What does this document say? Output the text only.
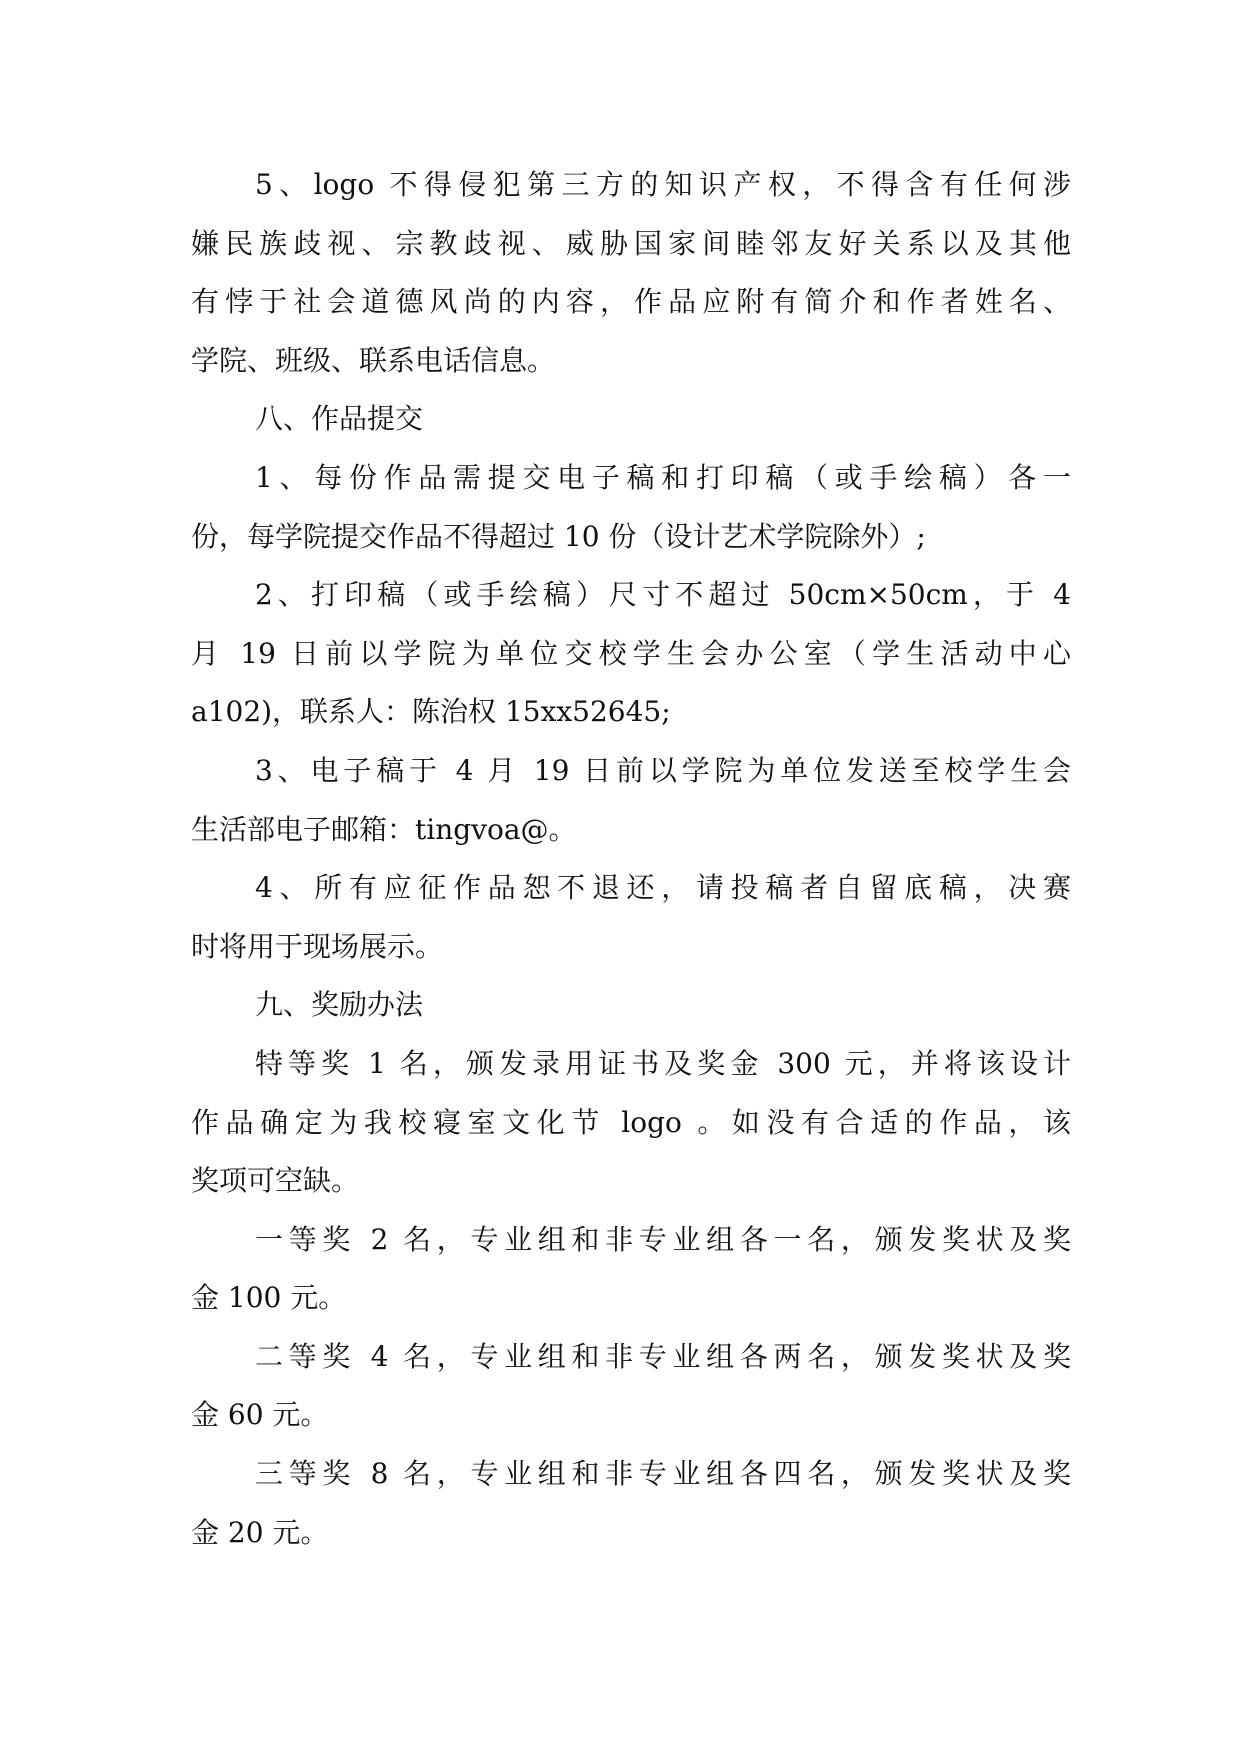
5、logo 不得侵犯第三方的知识产权，不得含有任何涉
嫌民族歧视、宗教歧视、威胁国家间睦邻友好关系以及其他
有悖于社会道德风尚的内容，作品应附有简介和作者姓名、
学院、班级、联系电话信息。
八、作品提交
1、每份作品需提交电子稿和打印稿（或手绘稿）各一
份，每学院提交作品不得超过 10 份（设计艺术学院除外）;
2、打印稿（或手绘稿）尺寸不超过 50cm×50cm，于 4
月 19 日前以学院为单位交校学生会办公室（学生活动中心
a102)，联系人：陈治权 15xx52645;
3、电子稿于 4 月 19 日前以学院为单位发送至校学生会
生活部电子邮箱：tingvoa@。
4、所有应征作品恕不退还，请投稿者自留底稿，决赛
时将用于现场展示。
九、奖励办法
特等奖 1 名，颁发录用证书及奖金 300 元，并将该设计
作品确定为我校寝室文化节 logo 。如没有合适的作品，该
奖项可空缺。
一等奖 2 名，专业组和非专业组各一名，颁发奖状及奖
金 100 元。
二等奖 4 名，专业组和非专业组各两名，颁发奖状及奖
金 60 元。
三等奖 8 名，专业组和非专业组各四名，颁发奖状及奖
金 20 元。
